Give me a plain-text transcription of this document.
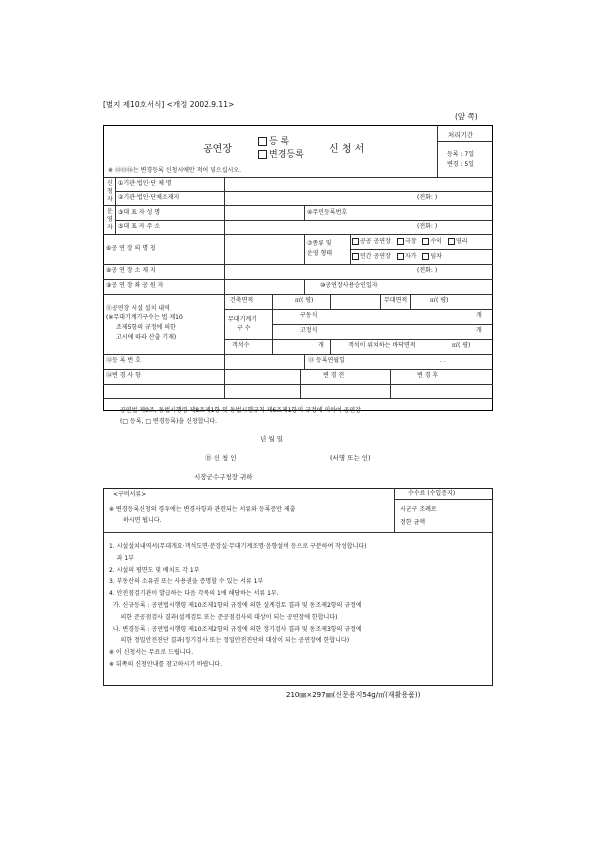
[별지 제10호서식] <개정 2002.9.11>
(앞 쪽)
공연장
등 록
변경등록	신 청 서
※ ⑫⑬⑭는 변경등록 신청시에만 적어 넣으십시오.
처리기간
등록 : 7일
변경 : 5일
신
청
자
운
영
자
①기관·법인·단 체 명
②기관·법인·단체소재지	(전화: )
③대 표 자 성 명	④주민등록번호
⑤대 표 자 주 소	(전화: )
⑥공 연 장 의 명 칭
⑦종류 및
운영 형태
공공 공연장 극장 수익 영리
민간 공연장 자가 임차
⑧공 연 장 소 재 지	(전화: )
⑨공 연 장 좌 공 원 자	⑩공연장사용승인일자
⑪공연장 시설 설치 내역
(※무대기계기구수는 법 제10
조제5항의 규정에 의한
고시에 따라 산출 기재)
건축면적	㎡( 평)	무대면적	㎡( 평)
무대기계기
구 수
구동식	개
고정식	개
객석수	개	객석이 위치하는 바닥면적	㎡( 평)
⑫등 록 번 호	⑬ 등록연월일	. .
⑭변 경 사 항	변 경 전	변 경 후
공연법 제9조, 동법시행령 제8조제1항 및 동법시행규칙 제6조제1항의 규정에 의하여 공연장
(□ 등록, □ 변경등록)을 신청합니다.
년 월 일
⑮ 신 청 인	(서명 또는 인)
시장군수구청장 귀하
<구비서류>	수수료 (수입증지)
시군구 조례로
정한 금액
※ 변경등록신청의 경우에는 변경사항과 관련되는 서류와 등록증만 제출
하시면 됩니다.
1. 시설설치내역서(무대개요·객석도면·분장실·무대기계조명·음향설비 등으로 구분하여 작성합니다)
과 1부
2. 시설의 평면도 및 배치도 각 1부
3. 부동산의 소유권 또는 사용권을 증명할 수 있는 서류 1부
4. 안전점검기관이 발급하는 다음 각목의 1에 해당하는 서류 1부.
가. 신규등록 : 공연법시행령 제10조제1항의 규정에 의한 설계검토 결과 및 동조제2항의 규정에
의한 준공점검사 결과(설계검토 또는 준공점검사의 대상이 되는 공연장에 한합니다)
나. 변경등록 : 공연법시행령 제10조제2항의 규정에 의한 정기검사 결과 및 동조제3항의 규정에
의한 정밀안전진단 결과(정기검사 또는 정밀안전진단의 대상이 되는 공연장에 한합니다)
※ 이 신청서는 무료로 드립니다.
※ 뒤쪽의 신청안내를 참고하시기 바랍니다.
210㎜×297㎜(신문용지54g/㎡(재활용품))
